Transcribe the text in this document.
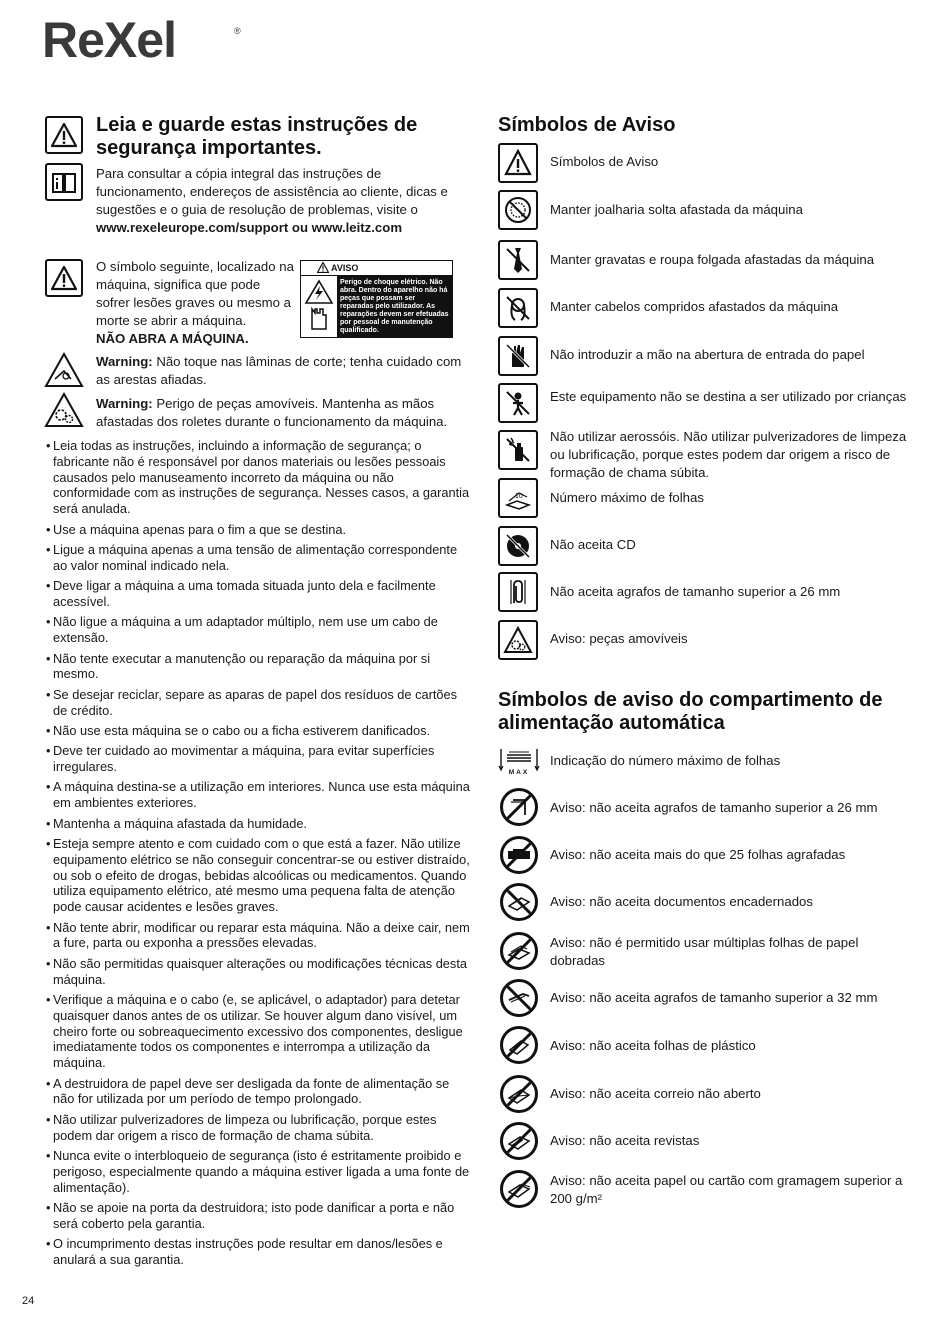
ReXel	®
Leia e guarde estas instruções de segurança importantes.
Para consultar a cópia integral das instruções de funcionamento, endereços de assistência ao cliente, dicas e sugestões e o guia de resolução de problemas, visite o www.rexeleurope.com/support ou www.leitz.com
O símbolo seguinte, localizado na máquina, significa que pode sofrer lesões graves ou mesmo a morte se abrir a máquina.
NÃO ABRA A MÁQUINA.
AVISO
Perigo de choque elétrico. Não abra. Dentro do aparelho não há peças que possam ser reparadas pelo utilizador. As reparações devem ser efetuadas por pessoal de manutenção qualificado.
Warning: Não toque nas lâminas de corte; tenha cuidado com as arestas afiadas.
Warning: Perigo de peças amovíveis. Mantenha as mãos afastadas dos roletes durante o funcionamento da máquina.
• Leia todas as instruções, incluindo a informação de segurança; o fabricante não é responsável por danos materiais ou lesões pessoais causados pelo manuseamento incorreto da máquina ou não conformidade com as instruções de segurança. Nesses casos, a garantia será anulada.
• Use a máquina apenas para o fim a que se destina.
• Ligue a máquina apenas a uma tensão de alimentação correspondente ao valor nominal indicado nela.
• Deve ligar a máquina a uma tomada situada junto dela e facilmente acessível.
• Não ligue a máquina a um adaptador múltiplo, nem use um cabo de extensão.
• Não tente executar a manutenção ou reparação da máquina por si mesmo.
• Se desejar reciclar, separe as aparas de papel dos resíduos de cartões de crédito.
• Não use esta máquina se o cabo ou a ficha estiverem danificados.
• Deve ter cuidado ao movimentar a máquina, para evitar superfícies irregulares.
• A máquina destina-se a utilização em interiores. Nunca use esta máquina em ambientes exteriores.
• Mantenha a máquina afastada da humidade.
• Esteja sempre atento e com cuidado com o que está a fazer. Não utilize equipamento elétrico se não conseguir concentrar-se ou estiver distraído, ou sob o efeito de drogas, bebidas alcoólicas ou medicamentos. Quando utiliza equipamento elétrico, até mesmo uma pequena falta de atenção pode causar acidentes e lesões graves.
• Não tente abrir, modificar ou reparar esta máquina. Não a deixe cair, nem a fure, parta ou exponha a pressões elevadas.
• Não são permitidas quaisquer alterações ou modificações técnicas desta máquina.
• Verifique a máquina e o cabo (e, se aplicável, o adaptador) para detetar quaisquer danos antes de os utilizar. Se houver algum dano visível, um cheiro forte ou sobreaquecimento excessivo dos componentes, desligue imediatamente todos os componentes e interrompa a utilização da máquina.
• A destruidora de papel deve ser desligada da fonte de alimentação se não for utilizada por um período de tempo prolongado.
• Não utilizar pulverizadores de limpeza ou lubrificação, porque estes podem dar origem a risco de formação de chama súbita.
• Nunca evite o interbloqueio de segurança (isto é estritamente proibido e perigoso, especialmente quando a máquina estiver ligada a uma fonte de alimentação).
• Não se apoie na porta da destruidora; isto pode danificar a porta e não será coberto pela garantia.
• O incumprimento destas instruções pode resultar em danos/lesões e anulará a sua garantia.
Símbolos de Aviso
Símbolos de Aviso
Manter joalharia solta afastada da máquina
Manter gravatas e roupa folgada afastadas da máquina
Manter cabelos compridos afastados da máquina
Não introduzir a mão na abertura de entrada do papel
Este equipamento não se destina a ser utilizado por crianças
Não utilizar aerossóis. Não utilizar pulverizadores de limpeza ou lubrificação, porque estes podem dar origem a risco de formação de chama súbita.
10 Número máximo de folhas
Não aceita CD
Não aceita agrafos de tamanho superior a 26 mm
Aviso: peças amovíveis
Símbolos de aviso do compartimento de alimentação automática
MAX
Indicação do número máximo de folhas
Aviso: não aceita agrafos de tamanho superior a 26 mm
Aviso: não aceita mais do que 25 folhas agrafadas
Aviso: não aceita documentos encadernados
Aviso: não é permitido usar múltiplas folhas de papel dobradas
Aviso: não aceita agrafos de tamanho superior a 32 mm
Aviso: não aceita folhas de plástico
Aviso: não aceita correio não aberto
Aviso: não aceita revistas
Aviso: não aceita papel ou cartão com gramagem superior a 200 g/m²
24
